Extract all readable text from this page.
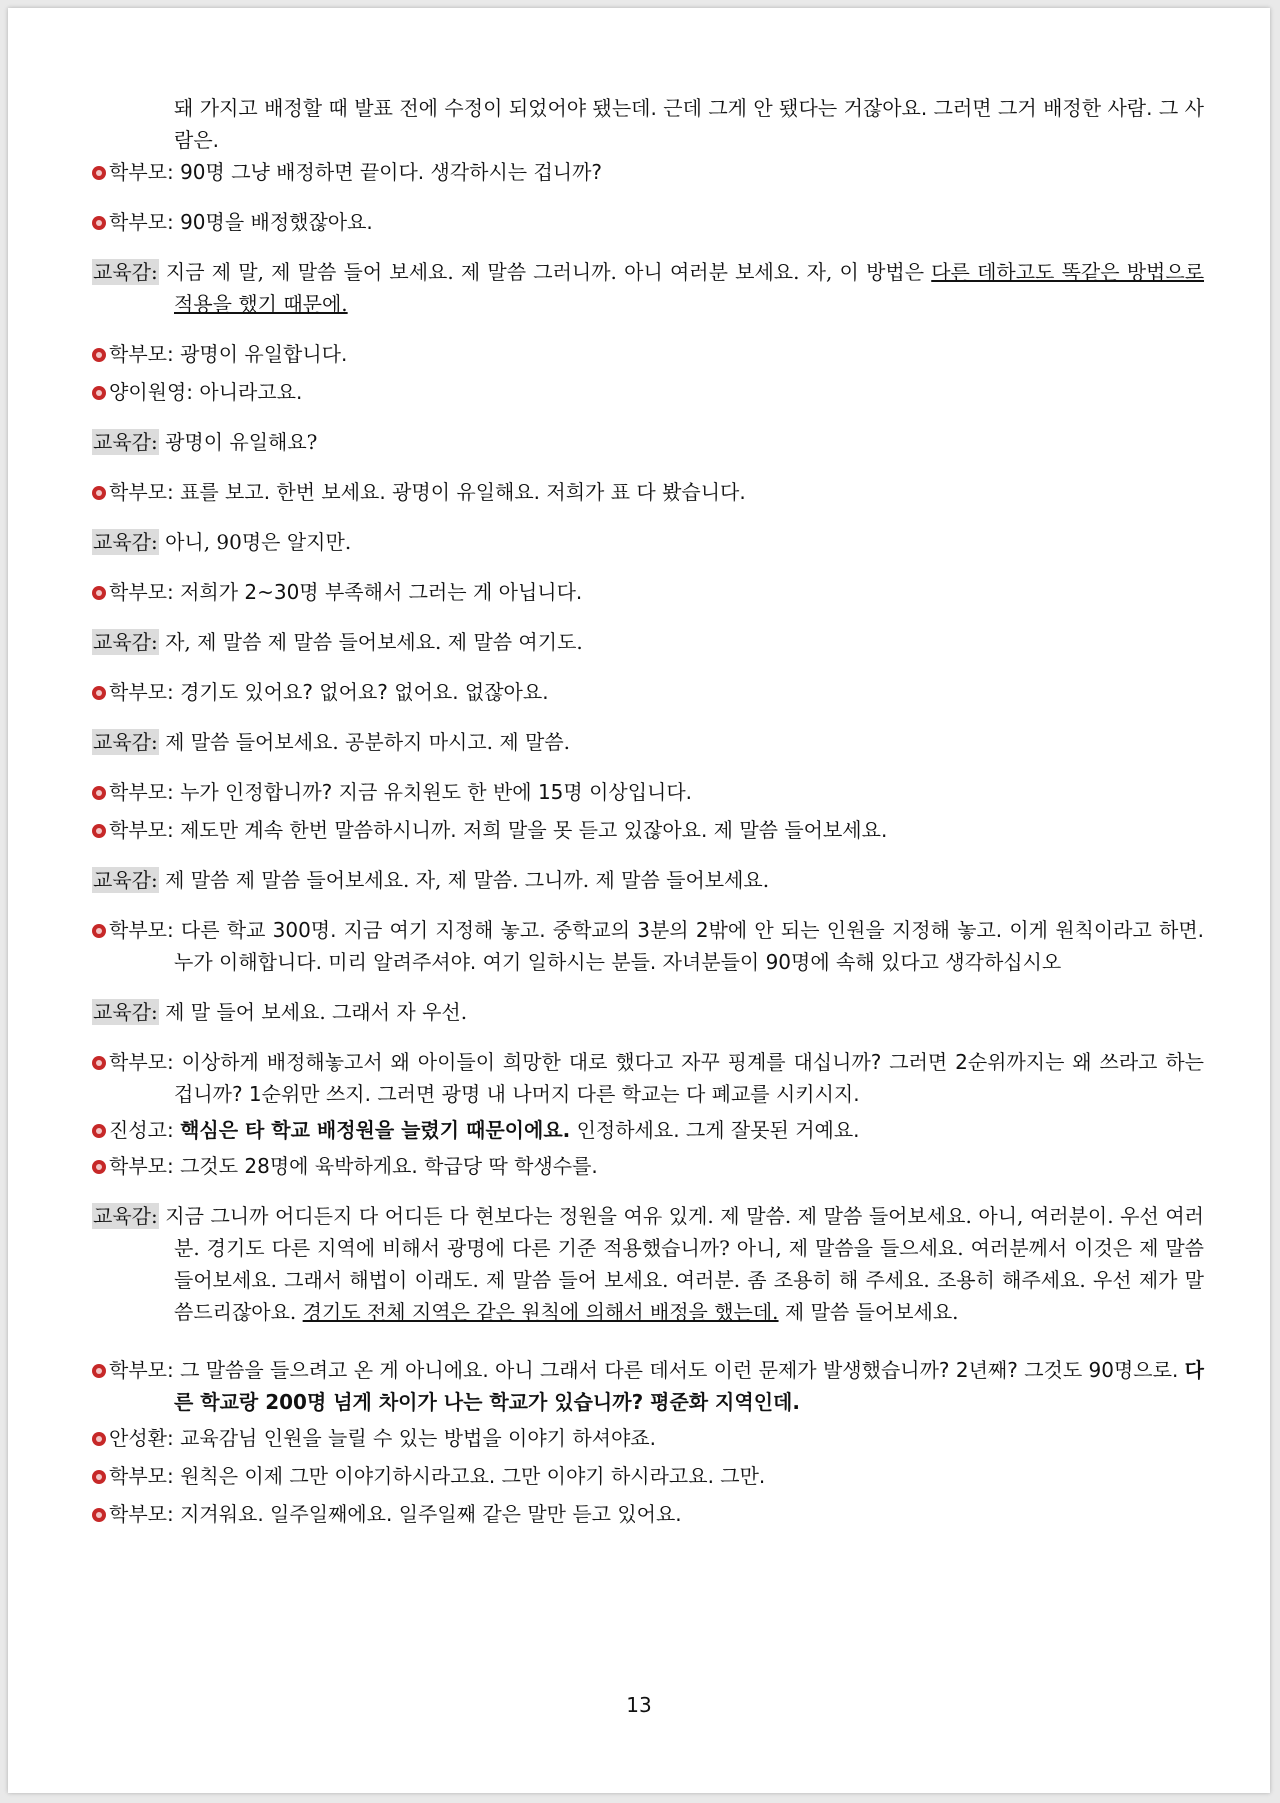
돼 가지고 배정할 때 발표 전에 수정이 되었어야 됐는데. 근데 그게 안 됐다는 거잖아요. 그러면 그거 배정한 사람. 그 사람은.
학부모: 90명 그냥 배정하면 끝이다. 생각하시는 겁니까?
학부모: 90명을 배정했잖아요.
교육감: 지금 제 말, 제 말씀 들어 보세요. 제 말씀 그러니까. 아니 여러분 보세요. 자, 이 방법은 다른 데하고도 똑같은 방법으로 적용을 했기 때문에.
학부모: 광명이 유일합니다.
양이원영: 아니라고요.
교육감: 광명이 유일해요?
학부모: 표를 보고. 한번 보세요. 광명이 유일해요. 저희가 표 다 봤습니다.
교육감: 아니, 90명은 알지만.
학부모: 저희가 2~30명 부족해서 그러는 게 아닙니다.
교육감: 자, 제 말씀 제 말씀 들어보세요. 제 말씀 여기도.
학부모: 경기도 있어요? 없어요? 없어요. 없잖아요.
교육감: 제 말씀 들어보세요. 공분하지 마시고. 제 말씀.
학부모: 누가 인정합니까? 지금 유치원도 한 반에 15명 이상입니다.
학부모: 제도만 계속 한번 말씀하시니까. 저희 말을 못 듣고 있잖아요. 제 말씀 들어보세요.
교육감: 제 말씀 제 말씀 들어보세요. 자, 제 말씀. 그니까. 제 말씀 들어보세요.
학부모: 다른 학교 300명. 지금 여기 지정해 놓고. 중학교의 3분의 2밖에 안 되는 인원을 지정해 놓고. 이게 원칙이라고 하면. 누가 이해합니다. 미리 알려주셔야. 여기 일하시는 분들. 자녀분들이 90명에 속해 있다고 생각하십시오
교육감: 제 말 들어 보세요. 그래서 자 우선.
학부모: 이상하게 배정해놓고서 왜 아이들이 희망한 대로 했다고 자꾸 핑계를 대십니까? 그러면 2순위까지는 왜 쓰라고 하는 겁니까? 1순위만 쓰지. 그러면 광명 내 나머지 다른 학교는 다 폐교를 시키시지.
진성고: 핵심은 타 학교 배정원을 늘렸기 때문이에요. 인정하세요. 그게 잘못된 거예요.
학부모: 그것도 28명에 육박하게요. 학급당 딱 학생수를.
교육감: 지금 그니까 어디든지 다 어디든 다 현보다는 정원을 여유 있게. 제 말씀. 제 말씀 들어보세요. 아니, 여러분이. 우선 여러분. 경기도 다른 지역에 비해서 광명에 다른 기준 적용했습니까? 아니, 제 말씀을 들으세요. 여러분께서 이것은 제 말씀 들어보세요. 그래서 해법이 이래도. 제 말씀 들어 보세요. 여러분. 좀 조용히 해 주세요. 조용히 해주세요. 우선 제가 말씀드리잖아요. 경기도 전체 지역은 같은 원칙에 의해서 배정을 했는데. 제 말씀 들어보세요.
학부모: 그 말씀을 들으려고 온 게 아니에요. 아니 그래서 다른 데서도 이런 문제가 발생했습니까? 2년째? 그것도 90명으로. 다른 학교랑 200명 넘게 차이가 나는 학교가 있습니까? 평준화 지역인데.
안성환: 교육감님 인원을 늘릴 수 있는 방법을 이야기 하셔야죠.
학부모: 원칙은 이제 그만 이야기하시라고요. 그만 이야기 하시라고요. 그만.
학부모: 지겨워요. 일주일째에요. 일주일째 같은 말만 듣고 있어요.
13
